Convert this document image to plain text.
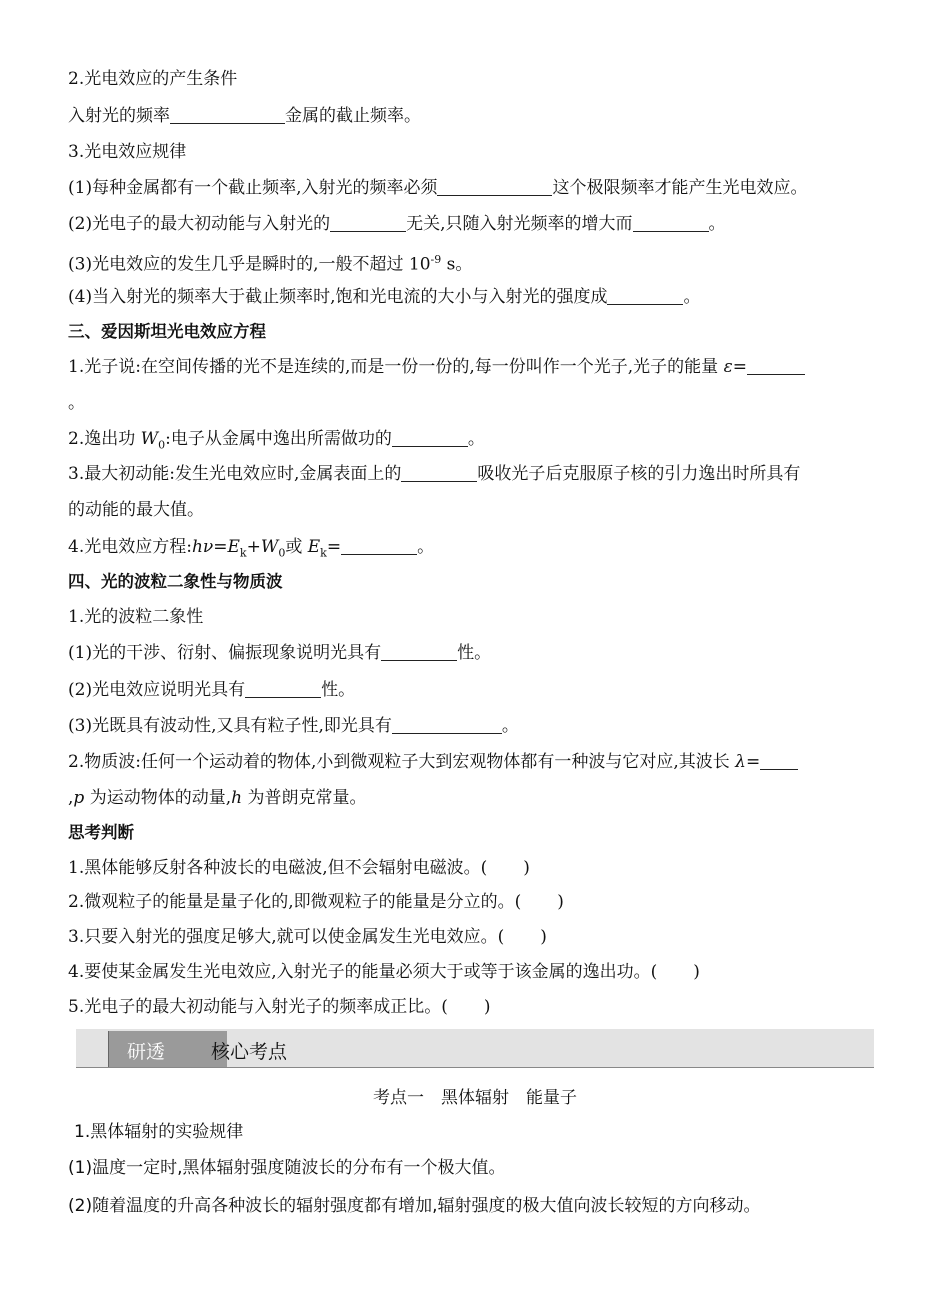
2.光电效应的产生条件
入射光的频率	金属的截止频率。
3.光电效应规律
(1)每种金属都有一个截止频率,入射光的频率必须	这个极限频率才能产生光电效应。
(2)光电子的最大初动能与入射光的	无关,只随入射光频率的增大而	。
(3)光电效应的发生几乎是瞬时的,一般不超过 $10^{-9}$ s。
(4)当入射光的频率大于截止频率时,饱和光电流的大小与入射光的强度成	。
三、爱因斯坦光电效应方程
1.光子说:在空间传播的光不是连续的,而是一份一份的,每一份叫作一个光子,光子的能量 ε=
。
2.逸出功 $W_0$:电子从金属中逸出所需做功的	。
3.最大初动能:发生光电效应时,金属表面上的	吸收光子后克服原子核的引力逸出时所具有
的动能的最大值。
4.光电效应方程$:h\nu=E_k+W_0$或 $E_k=$	。
四、光的波粒二象性与物质波
1.光的波粒二象性
(1)光的干涉、衍射、偏振现象说明光具有	性。
(2)光电效应说明光具有	性。
(3)光既具有波动性,又具有粒子性,即光具有	。
2.物质波:任何一个运动着的物体,小到微观粒子大到宏观物体都有一种波与它对应,其波长 λ=
,p 为运动物体的动量,h 为普朗克常量。
思考判断
1.黑体能够反射各种波长的电磁波,但不会辐射电磁波。( )
2.微观粒子的能量是量子化的,即微观粒子的能量是分立的。( )
3.只要入射光的强度足够大,就可以使金属发生光电效应。( )
4.要使某金属发生光电效应,入射光子的能量必须大于或等于该金属的逸出功。( )
5.光电子的最大初动能与入射光子的频率成正比。( )
研透 核心考点
考点一　黑体辐射　能量子
1.黑体辐射的实验规律
(1)温度一定时,黑体辐射强度随波长的分布有一个极大值。
(2)随着温度的升高各种波长的辐射强度都有增加,辐射强度的极大值向波长较短的方向移动。
